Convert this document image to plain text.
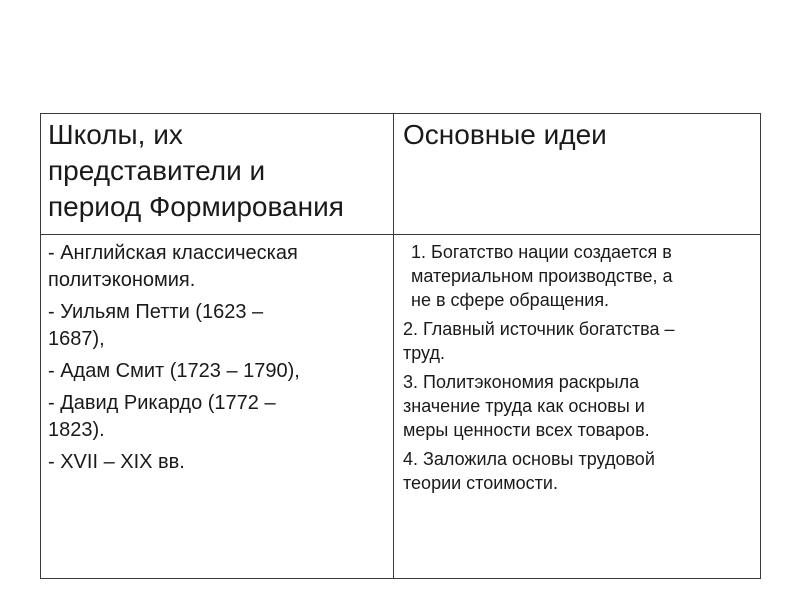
Школы, их
представители и
период Формирования
Основные идеи
- Английская классическая
политэкономия.
- Уильям Петти (1623 –
1687),
- Адам Смит (1723 – 1790),
- Давид Рикардо (1772 –
1823).
- XVII – XIX вв.
1. Богатство нации создается в
материальном производстве, а
не в сфере обращения.
2. Главный источник богатства –
труд.
3. Политэкономия раскрыла
значение труда как основы и
меры ценности всех товаров.
4. Заложила основы трудовой
теории стоимости.
